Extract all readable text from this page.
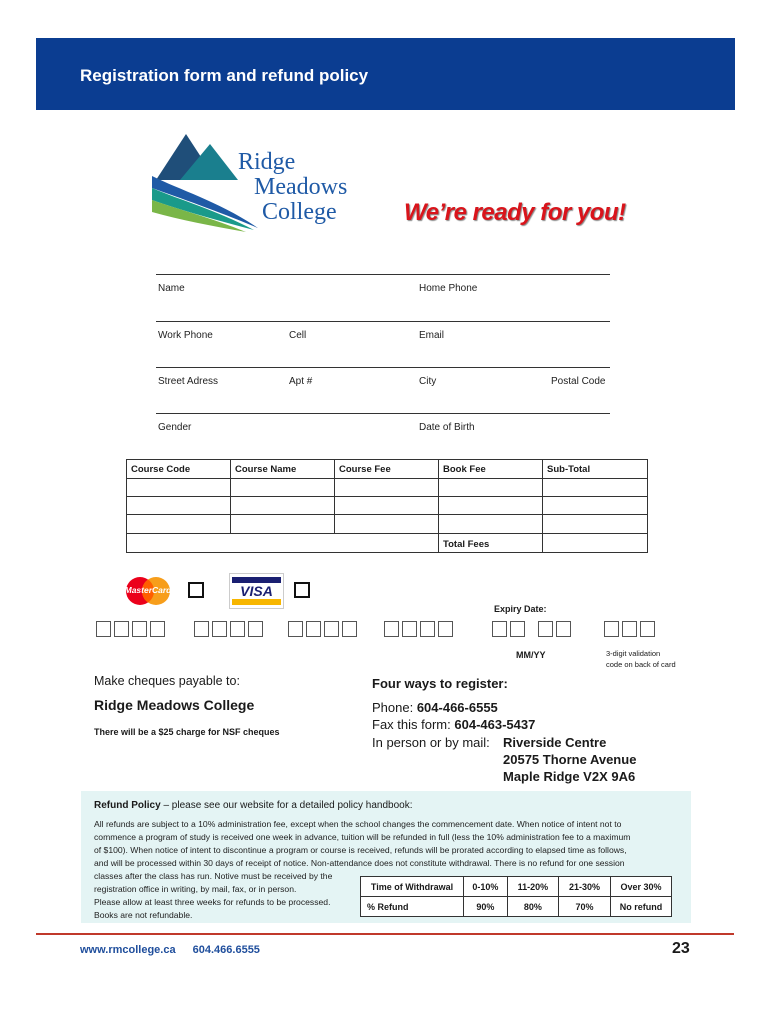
Registration form and refund policy
Ridge
Meadows
College	We’re ready for you!
Name	Home Phone
Work Phone	Cell	Email
Street Adress	Apt #	City	Postal Code
Gender	Date of Birth
Course Code	Course Name	Course Fee	Book Fee	Sub-Total
Total Fees
MasterCard	VISA
Expiry Date:
MM/YY	3-digit validation
code on back of card
Make cheques payable to:
Ridge Meadows College
There will be a $25 charge for NSF cheques
Four ways to register:
Phone: 604-466-6555
Fax this form: 604-463-5437
In person or by mail: Riverside Centre
20575 Thorne Avenue
Maple Ridge V2X 9A6
Refund Policy – please see our website for a detailed policy handbook:
All refunds are subject to a 10% administration fee, except when the school changes the commencement date. When notice of intent not to
commence a program of study is received one week in advance, tuition will be refunded in full (less the 10% administration fee to a maximum
of $100). When notice of intent to discontinue a program or course is received, refunds will be prorated according to elapsed time as follows,
and will be processed within 30 days of receipt of notice. Non-attendance does not constitute withdrawal. There is no refund for one session
classes after the class has run. Notive must be received by the
registration office in writing, by mail, fax, or in person.
Please allow at least three weeks for refunds to be processed.
Books are not refundable.
Time of Withdrawal	0-10%	11-20%	21-30%	Over 30%
% Refund	90%	80%	70%	No refund
www.rmcollege.ca 604.466.6555	23
